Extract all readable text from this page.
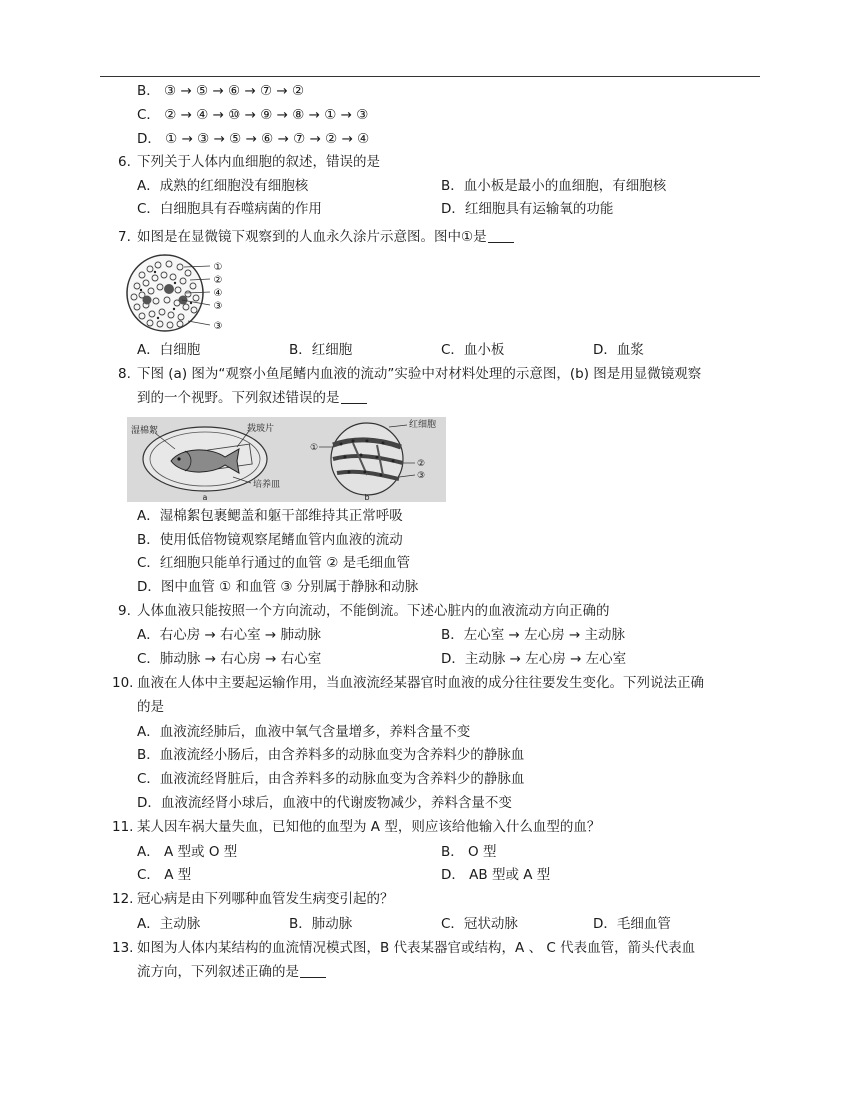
B． ③ → ⑤ → ⑥ → ⑦ → ②
C． ② → ④ → ⑩ → ⑨ → ⑧ → ① → ③
D． ① → ③ → ⑤ → ⑥ → ⑦ → ② → ④
6. 下列关于人体内血细胞的叙述，错误的是
A．成熟的红细胞没有细胞核	B．血小板是最小的血细胞，有细胞核
C．白细胞具有吞噬病菌的作用	D．红细胞具有运输氧的功能
7. 如图是在显微镜下观察到的人血永久涂片示意图。图中①是
①
②
④
③
③
A．白细胞	B．红细胞	C．血小板	D．血浆
8. 下图 (a) 图为“观察小鱼尾鳍内血液的流动”实验中对材料处理的示意图，(b) 图是用显微镜观察
到的一个视野。下列叙述错误的是
湿棉絮	载玻片
培养皿
a
红细胞
①
②
③
b
A．湿棉絮包裹鳃盖和躯干部维持其正常呼吸
B．使用低倍物镜观察尾鳍血管内血液的流动
C．红细胞只能单行通过的血管 ② 是毛细血管
D．图中血管 ① 和血管 ③ 分别属于静脉和动脉
9. 人体血液只能按照一个方向流动，不能倒流。下述心脏内的血液流动方向正确的
A．右心房 → 右心室 → 肺动脉	B．左心室 → 左心房 → 主动脉
C．肺动脉 → 右心房 → 右心室	D．主动脉 → 左心房 → 左心室
10. 血液在人体中主要起运输作用，当血液流经某器官时血液的成分往往要发生变化。下列说法正确
的是
A．血液流经肺后，血液中氧气含量增多，养料含量不变
B．血液流经小肠后，由含养料多的动脉血变为含养料少的静脉血
C．血液流经肾脏后，由含养料多的动脉血变为含养料少的静脉血
D．血液流经肾小球后，血液中的代谢废物减少，养料含量不变
11. 某人因车祸大量失血，已知他的血型为 A 型，则应该给他输入什么血型的血？
A． A 型或 O 型	B． O 型
C． A 型	D． AB 型或 A 型
12. 冠心病是由下列哪种血管发生病变引起的？
A．主动脉	B．肺动脉	C．冠状动脉	D．毛细血管
13. 如图为人体内某结构的血流情况模式图，B 代表某器官或结构，A 、 C 代表血管，箭头代表血
流方向，下列叙述正确的是
